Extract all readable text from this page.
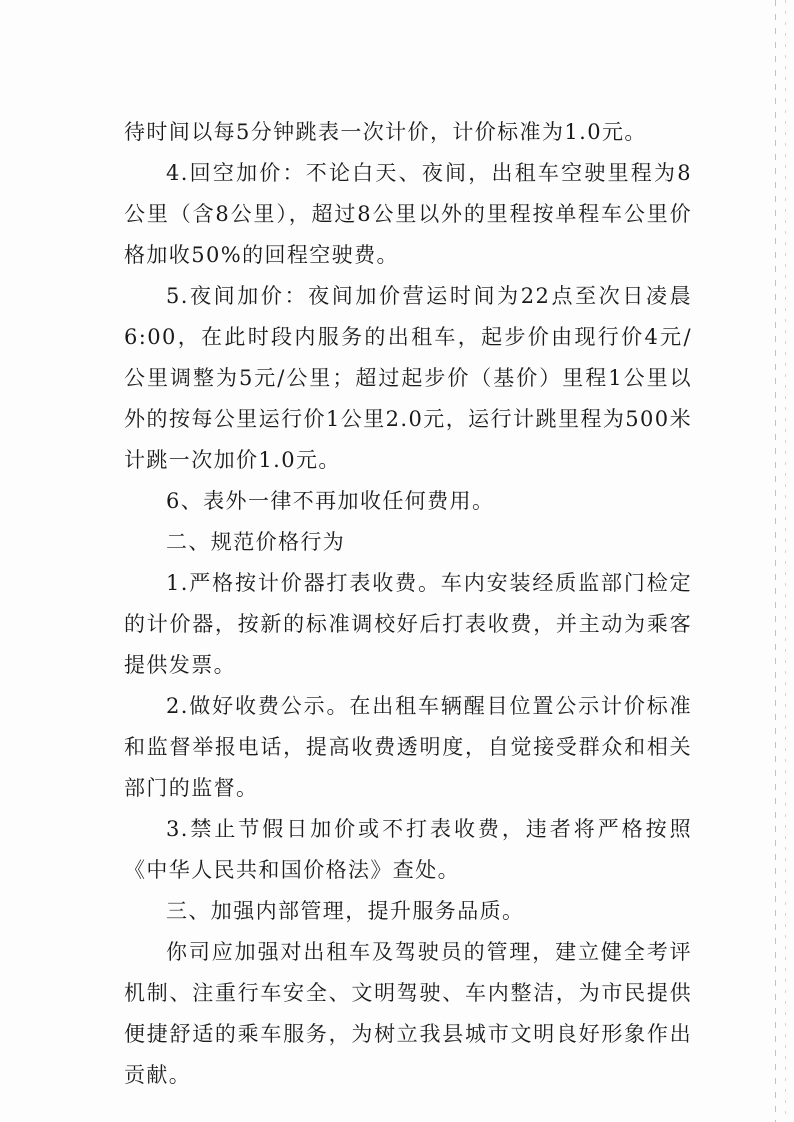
待时间以每5分钟跳表一次计价，计价标准为1.0元。

4.回空加价：不论白天、夜间，出租车空驶里程为8公里（含8公里），超过8公里以外的里程按单程车公里价格加收50%的回程空驶费。

5.夜间加价：夜间加价营运时间为22点至次日凌晨6:00，在此时段内服务的出租车，起步价由现行价4元/公里调整为5元/公里；超过起步价（基价）里程1公里以外的按每公里运行价1公里2.0元，运行计跳里程为500米计跳一次加价1.0元。

6、表外一律不再加收任何费用。

二、规范价格行为

1.严格按计价器打表收费。车内安装经质监部门检定的计价器，按新的标准调校好后打表收费，并主动为乘客提供发票。

2.做好收费公示。在出租车辆醒目位置公示计价标准和监督举报电话，提高收费透明度，自觉接受群众和相关部门的监督。

3.禁止节假日加价或不打表收费，违者将严格按照《中华人民共和国价格法》查处。

三、加强内部管理，提升服务品质。

你司应加强对出租车及驾驶员的管理，建立健全考评机制、注重行车安全、文明驾驶、车内整洁，为市民提供便捷舒适的乘车服务，为树立我县城市文明良好形象作出贡献。
